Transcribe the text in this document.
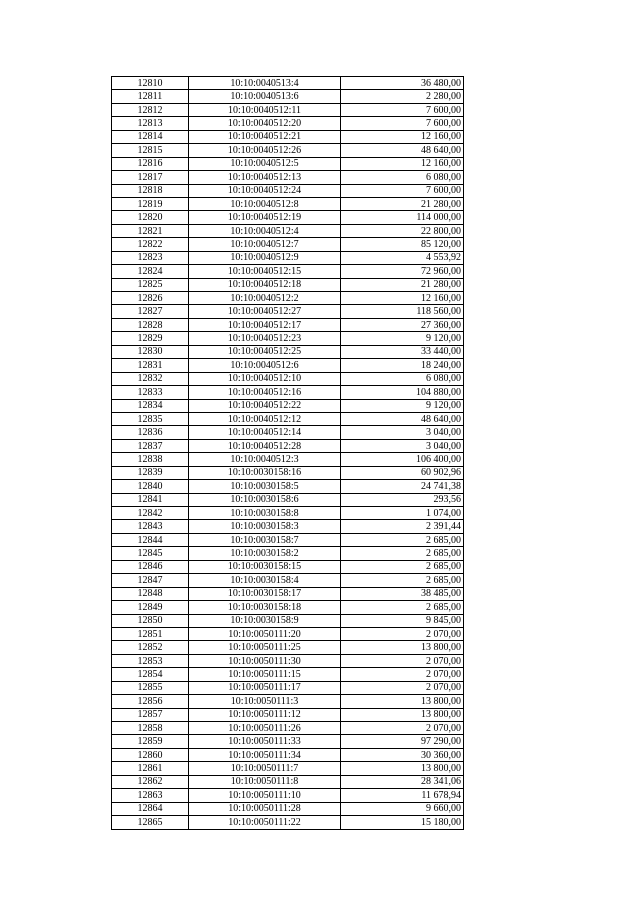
12810	10:10:0040513:4	36 480,00
12811	10:10:0040513:6	2 280,00
12812	10:10:0040512:11	7 600,00
12813	10:10:0040512:20	7 600,00
12814	10:10:0040512:21	12 160,00
12815	10:10:0040512:26	48 640,00
12816	10:10:0040512:5	12 160,00
12817	10:10:0040512:13	6 080,00
12818	10:10:0040512:24	7 600,00
12819	10:10:0040512:8	21 280,00
12820	10:10:0040512:19	114 000,00
12821	10:10:0040512:4	22 800,00
12822	10:10:0040512:7	85 120,00
12823	10:10:0040512:9	4 553,92
12824	10:10:0040512:15	72 960,00
12825	10:10:0040512:18	21 280,00
12826	10:10:0040512:2	12 160,00
12827	10:10:0040512:27	118 560,00
12828	10:10:0040512:17	27 360,00
12829	10:10:0040512:23	9 120,00
12830	10:10:0040512:25	33 440,00
12831	10:10:0040512:6	18 240,00
12832	10:10:0040512:10	6 080,00
12833	10:10:0040512:16	104 880,00
12834	10:10:0040512:22	9 120,00
12835	10:10:0040512:12	48 640,00
12836	10:10:0040512:14	3 040,00
12837	10:10:0040512:28	3 040,00
12838	10:10:0040512:3	106 400,00
12839	10:10:0030158:16	60 902,96
12840	10:10:0030158:5	24 741,38
12841	10:10:0030158:6	293,56
12842	10:10:0030158:8	1 074,00
12843	10:10:0030158:3	2 391,44
12844	10:10:0030158:7	2 685,00
12845	10:10:0030158:2	2 685,00
12846	10:10:0030158:15	2 685,00
12847	10:10:0030158:4	2 685,00
12848	10:10:0030158:17	38 485,00
12849	10:10:0030158:18	2 685,00
12850	10:10:0030158:9	9 845,00
12851	10:10:0050111:20	2 070,00
12852	10:10:0050111:25	13 800,00
12853	10:10:0050111:30	2 070,00
12854	10:10:0050111:15	2 070,00
12855	10:10:0050111:17	2 070,00
12856	10:10:0050111:3	13 800,00
12857	10:10:0050111:12	13 800,00
12858	10:10:0050111:26	2 070,00
12859	10:10:0050111:33	97 290,00
12860	10:10:0050111:34	30 360,00
12861	10:10:0050111:7	13 800,00
12862	10:10:0050111:8	28 341,06
12863	10:10:0050111:10	11 678,94
12864	10:10:0050111:28	9 660,00
12865	10:10:0050111:22	15 180,00
